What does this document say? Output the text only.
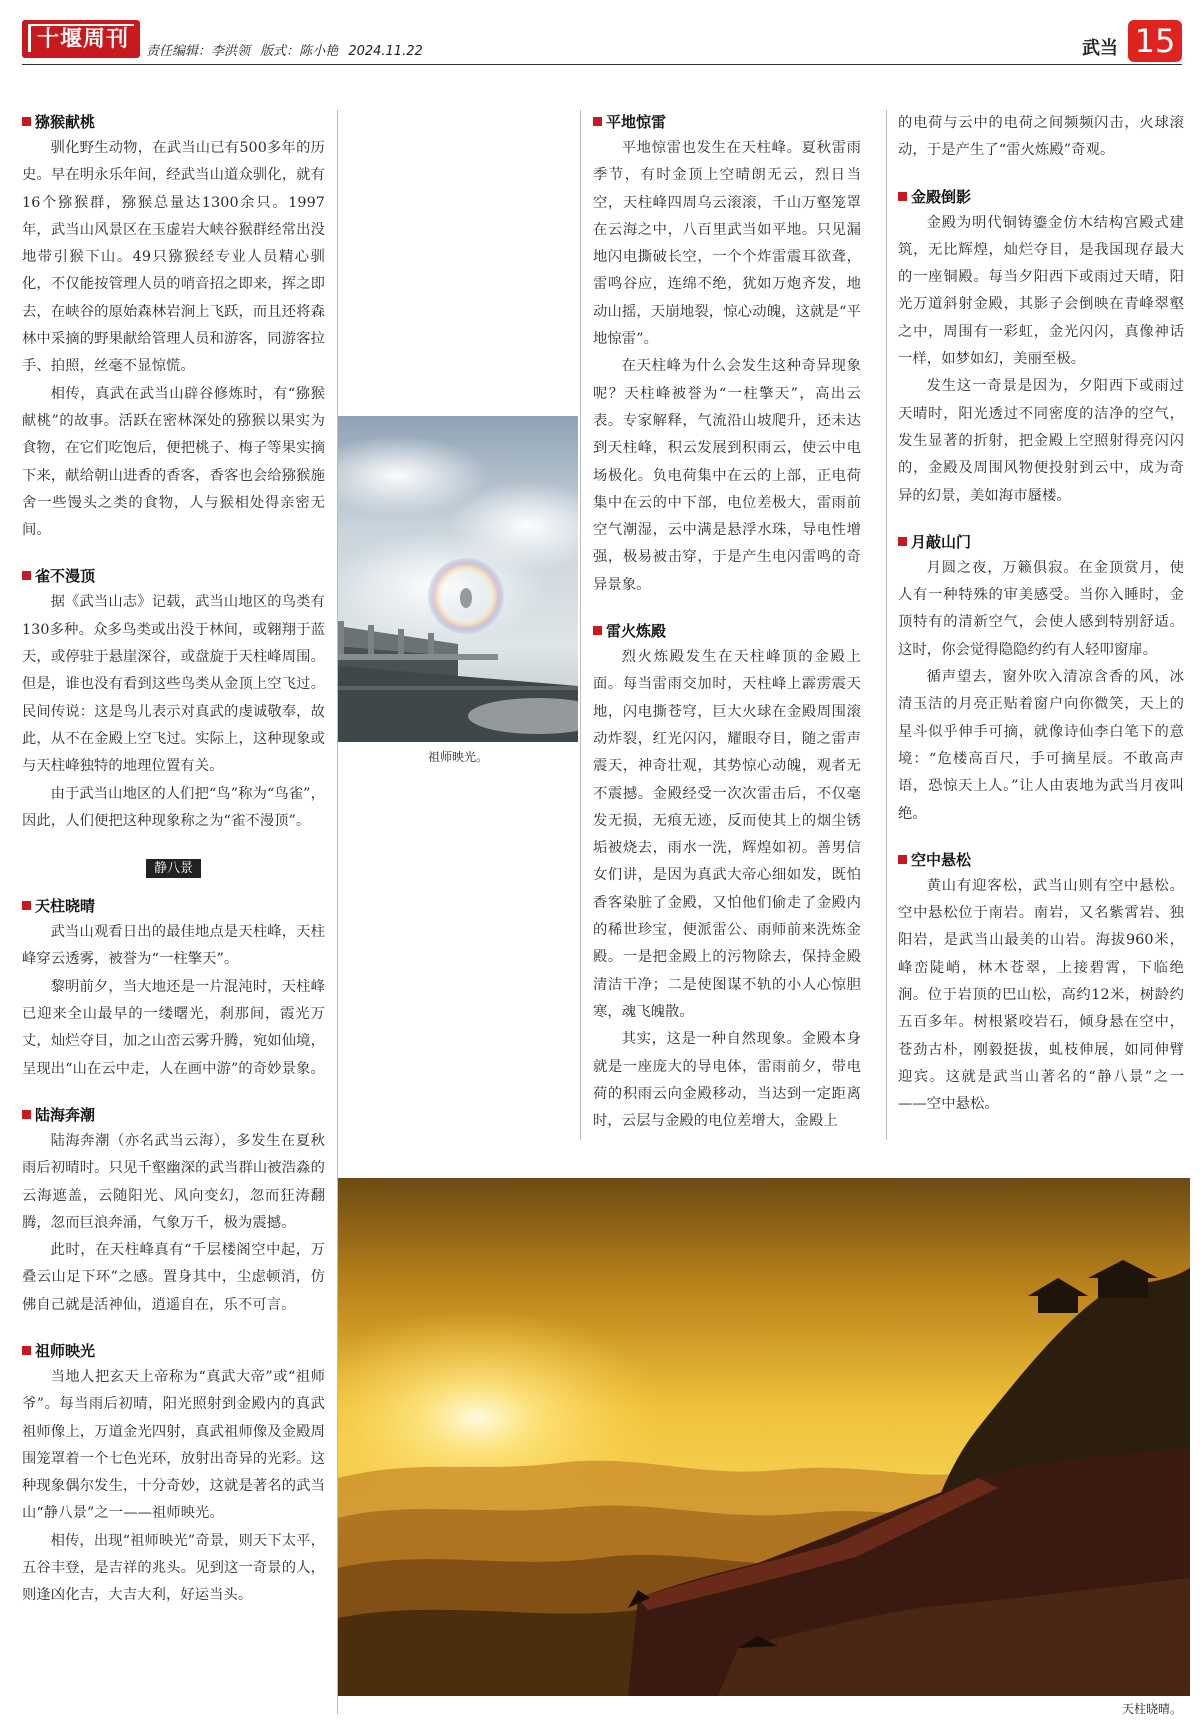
十堰周刊	责任编辑：李洪领 版式：陈小艳 2024.11.22	武当 15
猕猴献桃

驯化野生动物，在武当山已有500多年的历史。早在明永乐年间，经武当山道众驯化，就有16个猕猴群，猕猴总量达1300余只。1997年，武当山风景区在玉虚岩大峡谷猴群经常出没地带引猴下山。49只猕猴经专业人员精心驯化，不仅能按管理人员的哨音招之即来，挥之即去，在峡谷的原始森林岩涧上飞跃，而且还将森林中采摘的野果献给管理人员和游客，同游客拉手、拍照，丝毫不显惊慌。

相传，真武在武当山辟谷修炼时，有“猕猴献桃”的故事。活跃在密林深处的猕猴以果实为食物，在它们吃饱后，便把桃子、梅子等果实摘下来，献给朝山进香的香客，香客也会给猕猴施舍一些馒头之类的食物，人与猴相处得亲密无间。

雀不漫顶

据《武当山志》记载，武当山地区的鸟类有130多种。众多鸟类或出没于林间，或翱翔于蓝天，或停驻于悬崖深谷，或盘旋于天柱峰周围。但是，谁也没有看到这些鸟类从金顶上空飞过。民间传说：这是鸟儿表示对真武的虔诚敬奉，故此，从不在金殿上空飞过。实际上，这种现象或与天柱峰独特的地理位置有关。

由于武当山地区的人们把“鸟”称为“鸟雀”，因此，人们便把这种现象称之为“雀不漫顶”。

静八景
天柱晓晴

武当山观看日出的最佳地点是天柱峰，天柱峰穿云透雾，被誉为“一柱擎天”。

黎明前夕，当大地还是一片混沌时，天柱峰已迎来全山最早的一缕曙光，刹那间，霞光万丈，灿烂夺目，加之山峦云雾升腾，宛如仙境，呈现出“山在云中走，人在画中游”的奇妙景象。

陆海奔潮

陆海奔潮（亦名武当云海），多发生在夏秋雨后初晴时。只见千壑幽深的武当群山被浩淼的云海遮盖，云随阳光、风向变幻，忽而狂涛翻腾，忽而巨浪奔涌，气象万千，极为震撼。

此时，在天柱峰真有“千层楼阁空中起，万叠云山足下环”之感。置身其中，尘虑顿消，仿佛自己就是活神仙，逍遥自在，乐不可言。

祖师映光

当地人把玄天上帝称为“真武大帝”或“祖师爷”。每当雨后初晴，阳光照射到金殿内的真武祖师像上，万道金光四射，真武祖师像及金殿周围笼罩着一个七色光环，放射出奇异的光彩。这种现象偶尔发生，十分奇妙，这就是著名的武当山“静八景”之一——祖师映光。

相传，出现“祖师映光”奇景，则天下太平，五谷丰登，是吉祥的兆头。见到这一奇景的人，则逢凶化吉，大吉大利，好运当头。

平地惊雷

平地惊雷也发生在天柱峰。夏秋雷雨季节，有时金顶上空晴朗无云，烈日当空，天柱峰四周乌云滚滚，千山万壑笼罩在云海之中，八百里武当如平地。只见漏地闪电撕破长空，一个个炸雷震耳欲聋，雷鸣谷应，连绵不绝，犹如万炮齐发，地动山摇，天崩地裂，惊心动魄，这就是“平地惊雷”。

在天柱峰为什么会发生这种奇异现象呢？天柱峰被誉为“一柱擎天”，高出云表。专家解释，气流沿山坡爬升，还未达到天柱峰，积云发展到积雨云，使云中电场极化。负电荷集中在云的上部，正电荷集中在云的中下部，电位差极大，雷雨前空气潮湿，云中满是悬浮水珠，导电性增强，极易被击穿，于是产生电闪雷鸣的奇异景象。

雷火炼殿

烈火炼殿发生在天柱峰顶的金殿上面。每当雷雨交加时，天柱峰上霹雳震天地，闪电撕苍穹，巨大火球在金殿周围滚动炸裂，红光闪闪，耀眼夺目，随之雷声震天，神奇壮观，其势惊心动魄，观者无不震撼。金殿经受一次次雷击后，不仅毫发无损，无痕无迹，反而使其上的烟尘锈垢被烧去，雨水一洗，辉煌如初。善男信女们讲，是因为真武大帝心细如发，既怕香客染脏了金殿，又怕他们偷走了金殿内的稀世珍宝，便派雷公、雨师前来洗炼金殿。一是把金殿上的污物除去，保持金殿清洁干净；二是使图谋不轨的小人心惊胆寒，魂飞魄散。

其实，这是一种自然现象。金殿本身就是一座庞大的导电体，雷雨前夕，带电荷的积雨云向金殿移动，当达到一定距离时，云层与金殿的电位差增大，金殿上

的电荷与云中的电荷之间频频闪击，火球滚动，于是产生了“雷火炼殿”奇观。

金殿倒影

金殿为明代铜铸鎏金仿木结构宫殿式建筑，无比辉煌，灿烂夺目，是我国现存最大的一座铜殿。每当夕阳西下或雨过天晴，阳光万道斜射金殿，其影子会倒映在青峰翠壑之中，周围有一彩虹，金光闪闪，真像神话一样，如梦如幻，美丽至极。

发生这一奇景是因为，夕阳西下或雨过天晴时，阳光透过不同密度的洁净的空气，发生显著的折射，把金殿上空照射得亮闪闪的，金殿及周围风物便投射到云中，成为奇异的幻景，美如海市蜃楼。

月敲山门

月圆之夜，万籁俱寂。在金顶赏月，使人有一种特殊的审美感受。当你入睡时，金顶特有的清新空气，会使人感到特别舒适。这时，你会觉得隐隐约约有人轻叩窗扉。

循声望去，窗外吹入清凉含香的风，冰清玉洁的月亮正贴着窗户向你微笑，天上的星斗似乎伸手可摘，就像诗仙李白笔下的意境：“危楼高百尺，手可摘星辰。不敢高声语，恐惊天上人。”让人由衷地为武当月夜叫绝。

空中悬松

黄山有迎客松，武当山则有空中悬松。空中悬松位于南岩。南岩，又名紫霄岩、独阳岩，是武当山最美的山岩。海拔960米，峰峦陡峭，林木苍翠，上接碧霄，下临绝涧。位于岩顶的巴山松，高约12米，树龄约五百多年。树根紧咬岩石，倾身悬在空中，苍劲古朴，刚毅挺拔，虬枝伸展，如同伸臂迎宾。这就是武当山著名的“静八景”之一——空中悬松。

祖师映光。
天柱晓晴。
